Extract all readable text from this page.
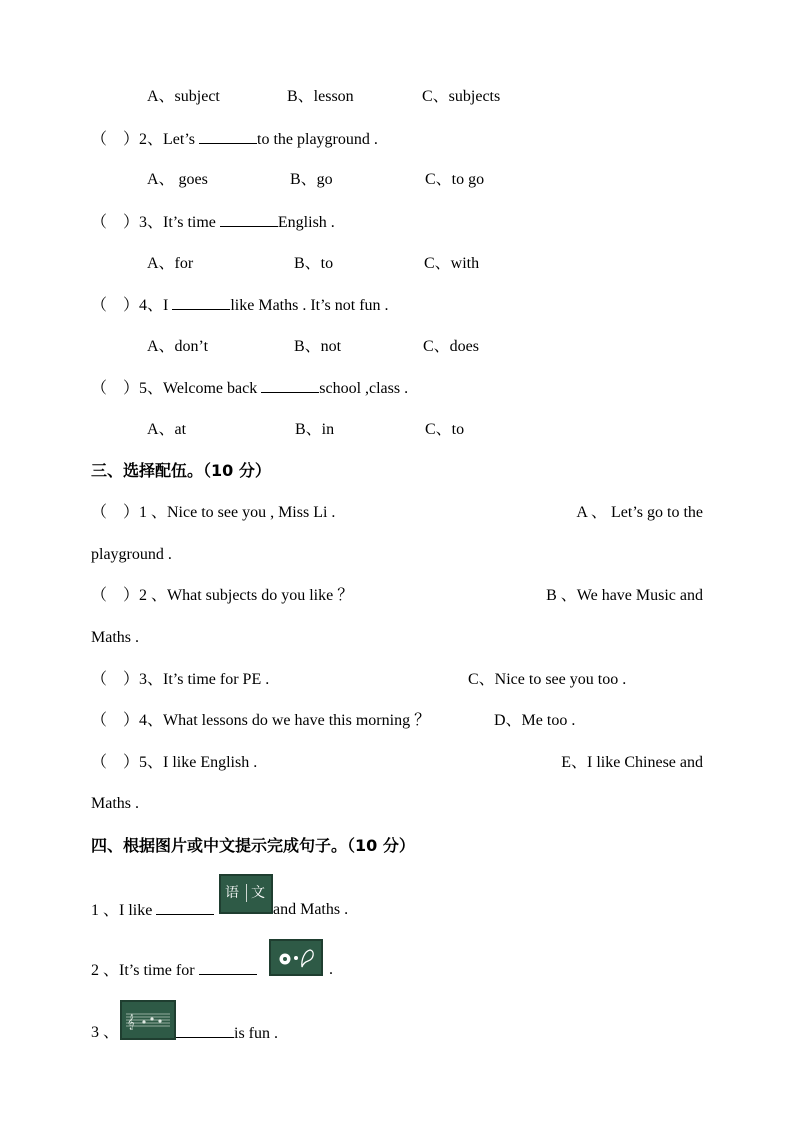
A、subject	B、lesson	C、subjects
（　）2、Let’s	to the playground .
A、 goes	B、go	C、to go
（　）3、It’s time	English .
A、for	B、to	C、with
（　）4、I	like Maths . It’s not fun .
A、don’t	B、not	C、does
（　）5、Welcome back	school ,class .
A、at	B、in	C、to
三、选择配伍。（10 分）
（　）1 、Nice to see you , Miss Li .	A 、 Let’s go to the
playground .
（　）2 、What subjects do you like ？	B 、We have Music and
Maths .
（　）3、It’s time for PE .	C、Nice to see you too .
（　）4、What lessons do we have this morning ？	D、Me too .
（　）5、I like English .	E、I like Chinese and
Maths .
四、根据图片或中文提示完成句子。（10 分）
1 、I like	and Maths .
语 文
2 、It’s time for	.
3 、	is fun .
𝄞
